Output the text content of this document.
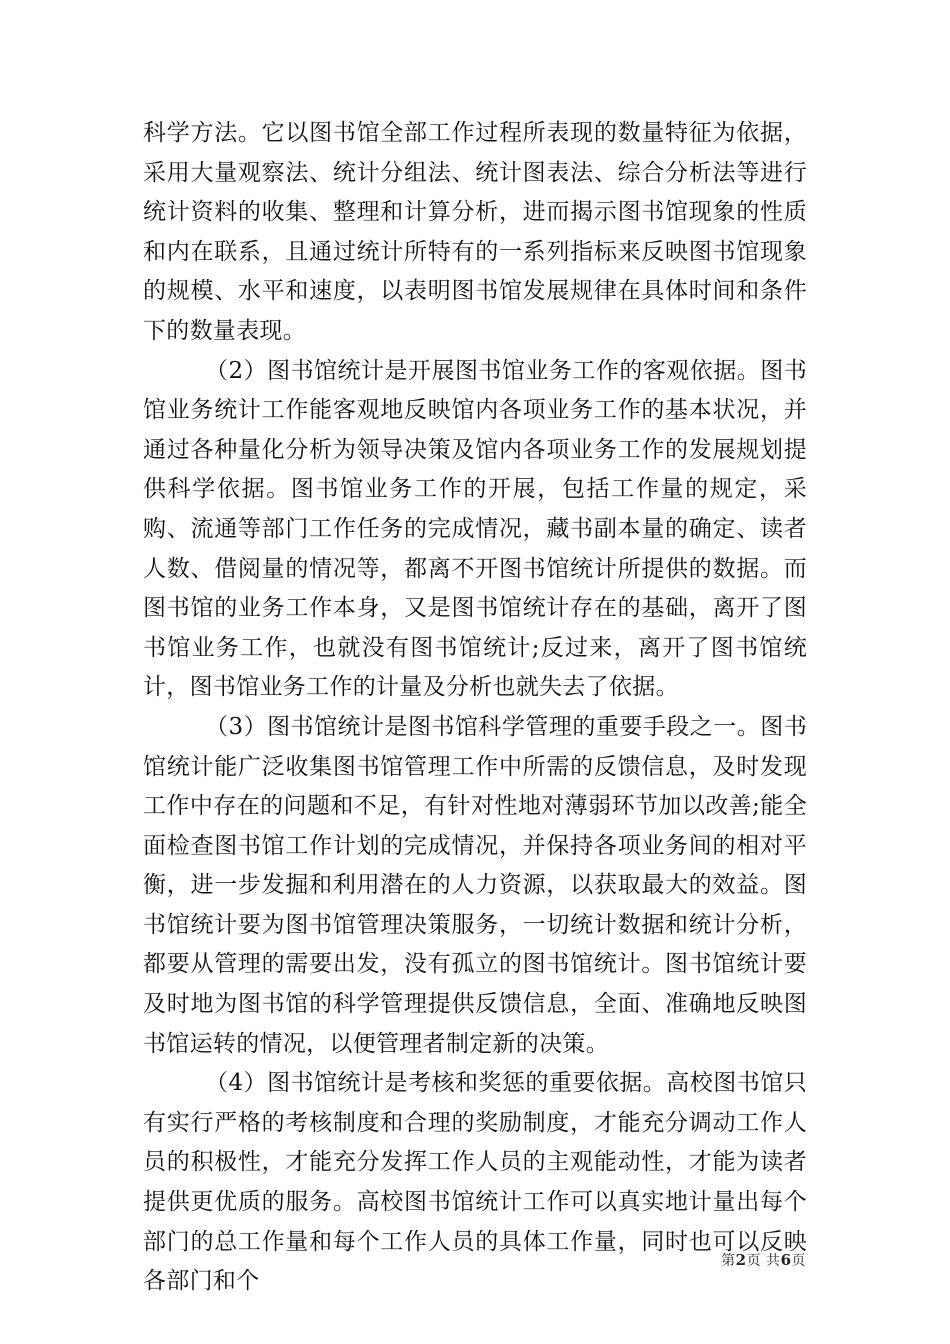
科学方法。它以图书馆全部工作过程所表现的数量特征为依据，采用大量观察法、统计分组法、统计图表法、综合分析法等进行统计资料的收集、整理和计算分析，进而揭示图书馆现象的性质和内在联系，且通过统计所特有的一系列指标来反映图书馆现象的规模、水平和速度，以表明图书馆发展规律在具体时间和条件下的数量表现。

（2）图书馆统计是开展图书馆业务工作的客观依据。图书馆业务统计工作能客观地反映馆内各项业务工作的基本状况，并通过各种量化分析为领导决策及馆内各项业务工作的发展规划提供科学依据。图书馆业务工作的开展，包括工作量的规定，采购、流通等部门工作任务的完成情况，藏书副本量的确定、读者人数、借阅量的情况等，都离不开图书馆统计所提供的数据。而图书馆的业务工作本身，又是图书馆统计存在的基础，离开了图书馆业务工作，也就没有图书馆统计;反过来，离开了图书馆统计，图书馆业务工作的计量及分析也就失去了依据。

（3）图书馆统计是图书馆科学管理的重要手段之一。图书馆统计能广泛收集图书馆管理工作中所需的反馈信息，及时发现工作中存在的问题和不足，有针对性地对薄弱环节加以改善;能全面检查图书馆工作计划的完成情况，并保持各项业务间的相对平衡，进一步发掘和利用潜在的人力资源，以获取最大的效益。图书馆统计要为图书馆管理决策服务，一切统计数据和统计分析，都要从管理的需要出发，没有孤立的图书馆统计。图书馆统计要及时地为图书馆的科学管理提供反馈信息，全面、准确地反映图书馆运转的情况，以便管理者制定新的决策。

（4）图书馆统计是考核和奖惩的重要依据。高校图书馆只有实行严格的考核制度和合理的奖励制度，才能充分调动工作人员的积极性，才能充分发挥工作人员的主观能动性，才能为读者提供更优质的服务。高校图书馆统计工作可以真实地计量出每个部门的总工作量和每个工作人员的具体工作量，同时也可以反映各部门和个

第2页 共6页
